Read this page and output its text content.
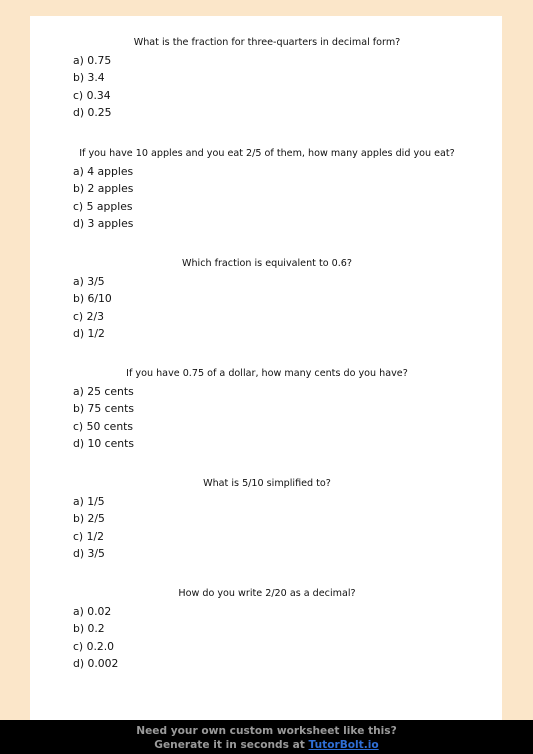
What is the fraction for three-quarters in decimal form?

a) 0.75
b) 3.4
c) 0.34
d) 0.25

If you have 10 apples and you eat 2/5 of them, how many apples did you eat?

a) 4 apples
b) 2 apples
c) 5 apples
d) 3 apples

Which fraction is equivalent to 0.6?

a) 3/5
b) 6/10
c) 2/3
d) 1/2

If you have 0.75 of a dollar, how many cents do you have?

a) 25 cents
b) 75 cents
c) 50 cents
d) 10 cents

What is 5/10 simplified to?

a) 1/5
b) 2/5
c) 1/2
d) 3/5

How do you write 2/20 as a decimal?

a) 0.02
b) 0.2
c) 0.2.0
d) 0.002
Need your own custom worksheet like this?
Generate it in seconds at TutorBolt.io
